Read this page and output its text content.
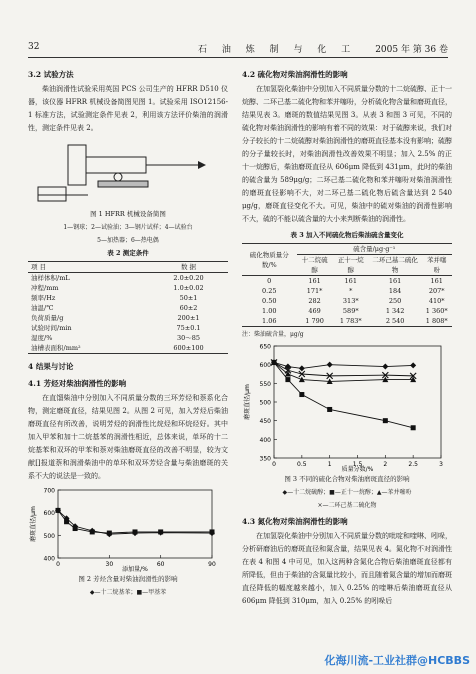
32	石 油 炼 制 与 化 工 2005 年 第 36 卷
3.2 试验方法

柴油润滑性试验采用英国 PCS 公司生产的 HFRR D510 仪器，该仪器 HFRR 机械设备简图见图 1。试验采用 ISO12156-1 标准方法，试验测定条件见表 2，利用该方法评价柴油的润滑性，测定条件见表 2。

图 1 HFRR 机械设备简图
1—钢球；2—试验油；3—钢片试样；4—试验台
5—加热器；6—热电偶
表 2 测定条件
项 目	数 据
油样体积/mL	2.0±0.20
冲程/mm	1.0±0.02
频率/Hz	50±1
油温/℃	60±2
负荷质量/g	200±1
试验时间/min	75±0.1
湿度/%	30～85
油槽表面积/mm²	600±100
4 结果与讨论
4.1 芳烃对柴油润滑性的影响

在直馏柴油中分别加入不同质量分数的三环芳烃和萘系化合物，测定磨斑直径，结果见图 2。从图 2 可见，加入芳烃后柴油磨斑直径有所改善，说明芳烃的润滑性比烷烃和环烷烃好。其中加入甲苯和加十二烷基苯的润滑性相近，总体来说，单环的十二烷基苯和双环的甲苯和萘对柴油磨斑直径的改善不明显，较为文献[]报道萘和润滑柴油中的单环和双环芳烃含量与柴油磨斑的关系不大的说法是一致的。

400
500
600
700
0	30	60	90
添加量/%
磨斑直径/μm
图 2 芳烃含量对柴油润滑性的影响
◆—十二烷基苯；■—甲基苯
4.2 硫化物对柴油润滑性的影响

在加氢裂化柴油中分别加入不同质量分数的十二烷硫醇、正十一烷醇、二环己基二硫化物和苯并噻吩，分析硫化物含量和磨斑直径，结果见表 3。磨斑的数值结果见图 3。从表 3 和图 3 可见，不同的硫化物对柴油润滑性的影响有着不同的效果：对于硫醇来说，我们对分子较长的十二烷硫醇对柴油润滑性的磨斑直径基本没有影响；硫醇的分子量较长时，对柴油润滑性改善效果不明显；加入 2.5% 的正十一烷醇后，柴油磨斑直径从 606μm 降低到 431μm，此时的柴油的硫含量为 589μg/g；二环己基二硫化物和苯并噻吩对柴油润滑性的磨斑直径影响不大，对二环己基二硫化物后硫含量达到 2 540 μg/g，磨斑直径变化不大。可见，柴油中的硫对柴油的润滑性影响不大，硫的不能以硫含量的大小来判断柴油的润滑性。

表 3 加入不同硫化物后柴油硫含量变化
硫化物质量分数/%	硫含量/μg·g⁻¹			
	十二烷硫醇	正十一烷醇	二环己基二硫化物	苯并噻吩
0	161	161	161	161
0.25	171*	*	184	207*
0.50	282	313*	250	410*
1.00	469	589*	1 342	1 360*
1.06	1 790	1 783*	2 540	1 808*
注：柴油硫含量，μg/g
350
400
450
500
550
600
650
0	0.5	1	1.5	2	2.5	3
质量分数/%
磨斑直径/μm
图 3 不同的硫化合物对柴油磨斑直径的影响
◆—十二烷硫醇；■—正十一烷醇；▲—苯并噻吩
×—二环己基二硫化物
4.3 氮化物对柴油润滑性的影响

在加氢裂化柴油中分别加入不同质量分数的吡啶和喹啉、吲哚，分析研磨油后的磨斑直径和氮含量，结果见表 4。氮化物不对润滑性在表 4 和图 4 中可见，加入这两种含氮化合物后柴油磨斑直径都有所降低，但由于柴油的含氮量比较小，而且随着氮含量的增加而磨斑直径降低的幅度越来越小，加入 0.25% 的喹啉后柴油磨斑直径从 606μm 降低到 310μm，加入 0.25% 的吲哚后

化海川流-工业社群@HCBBS
